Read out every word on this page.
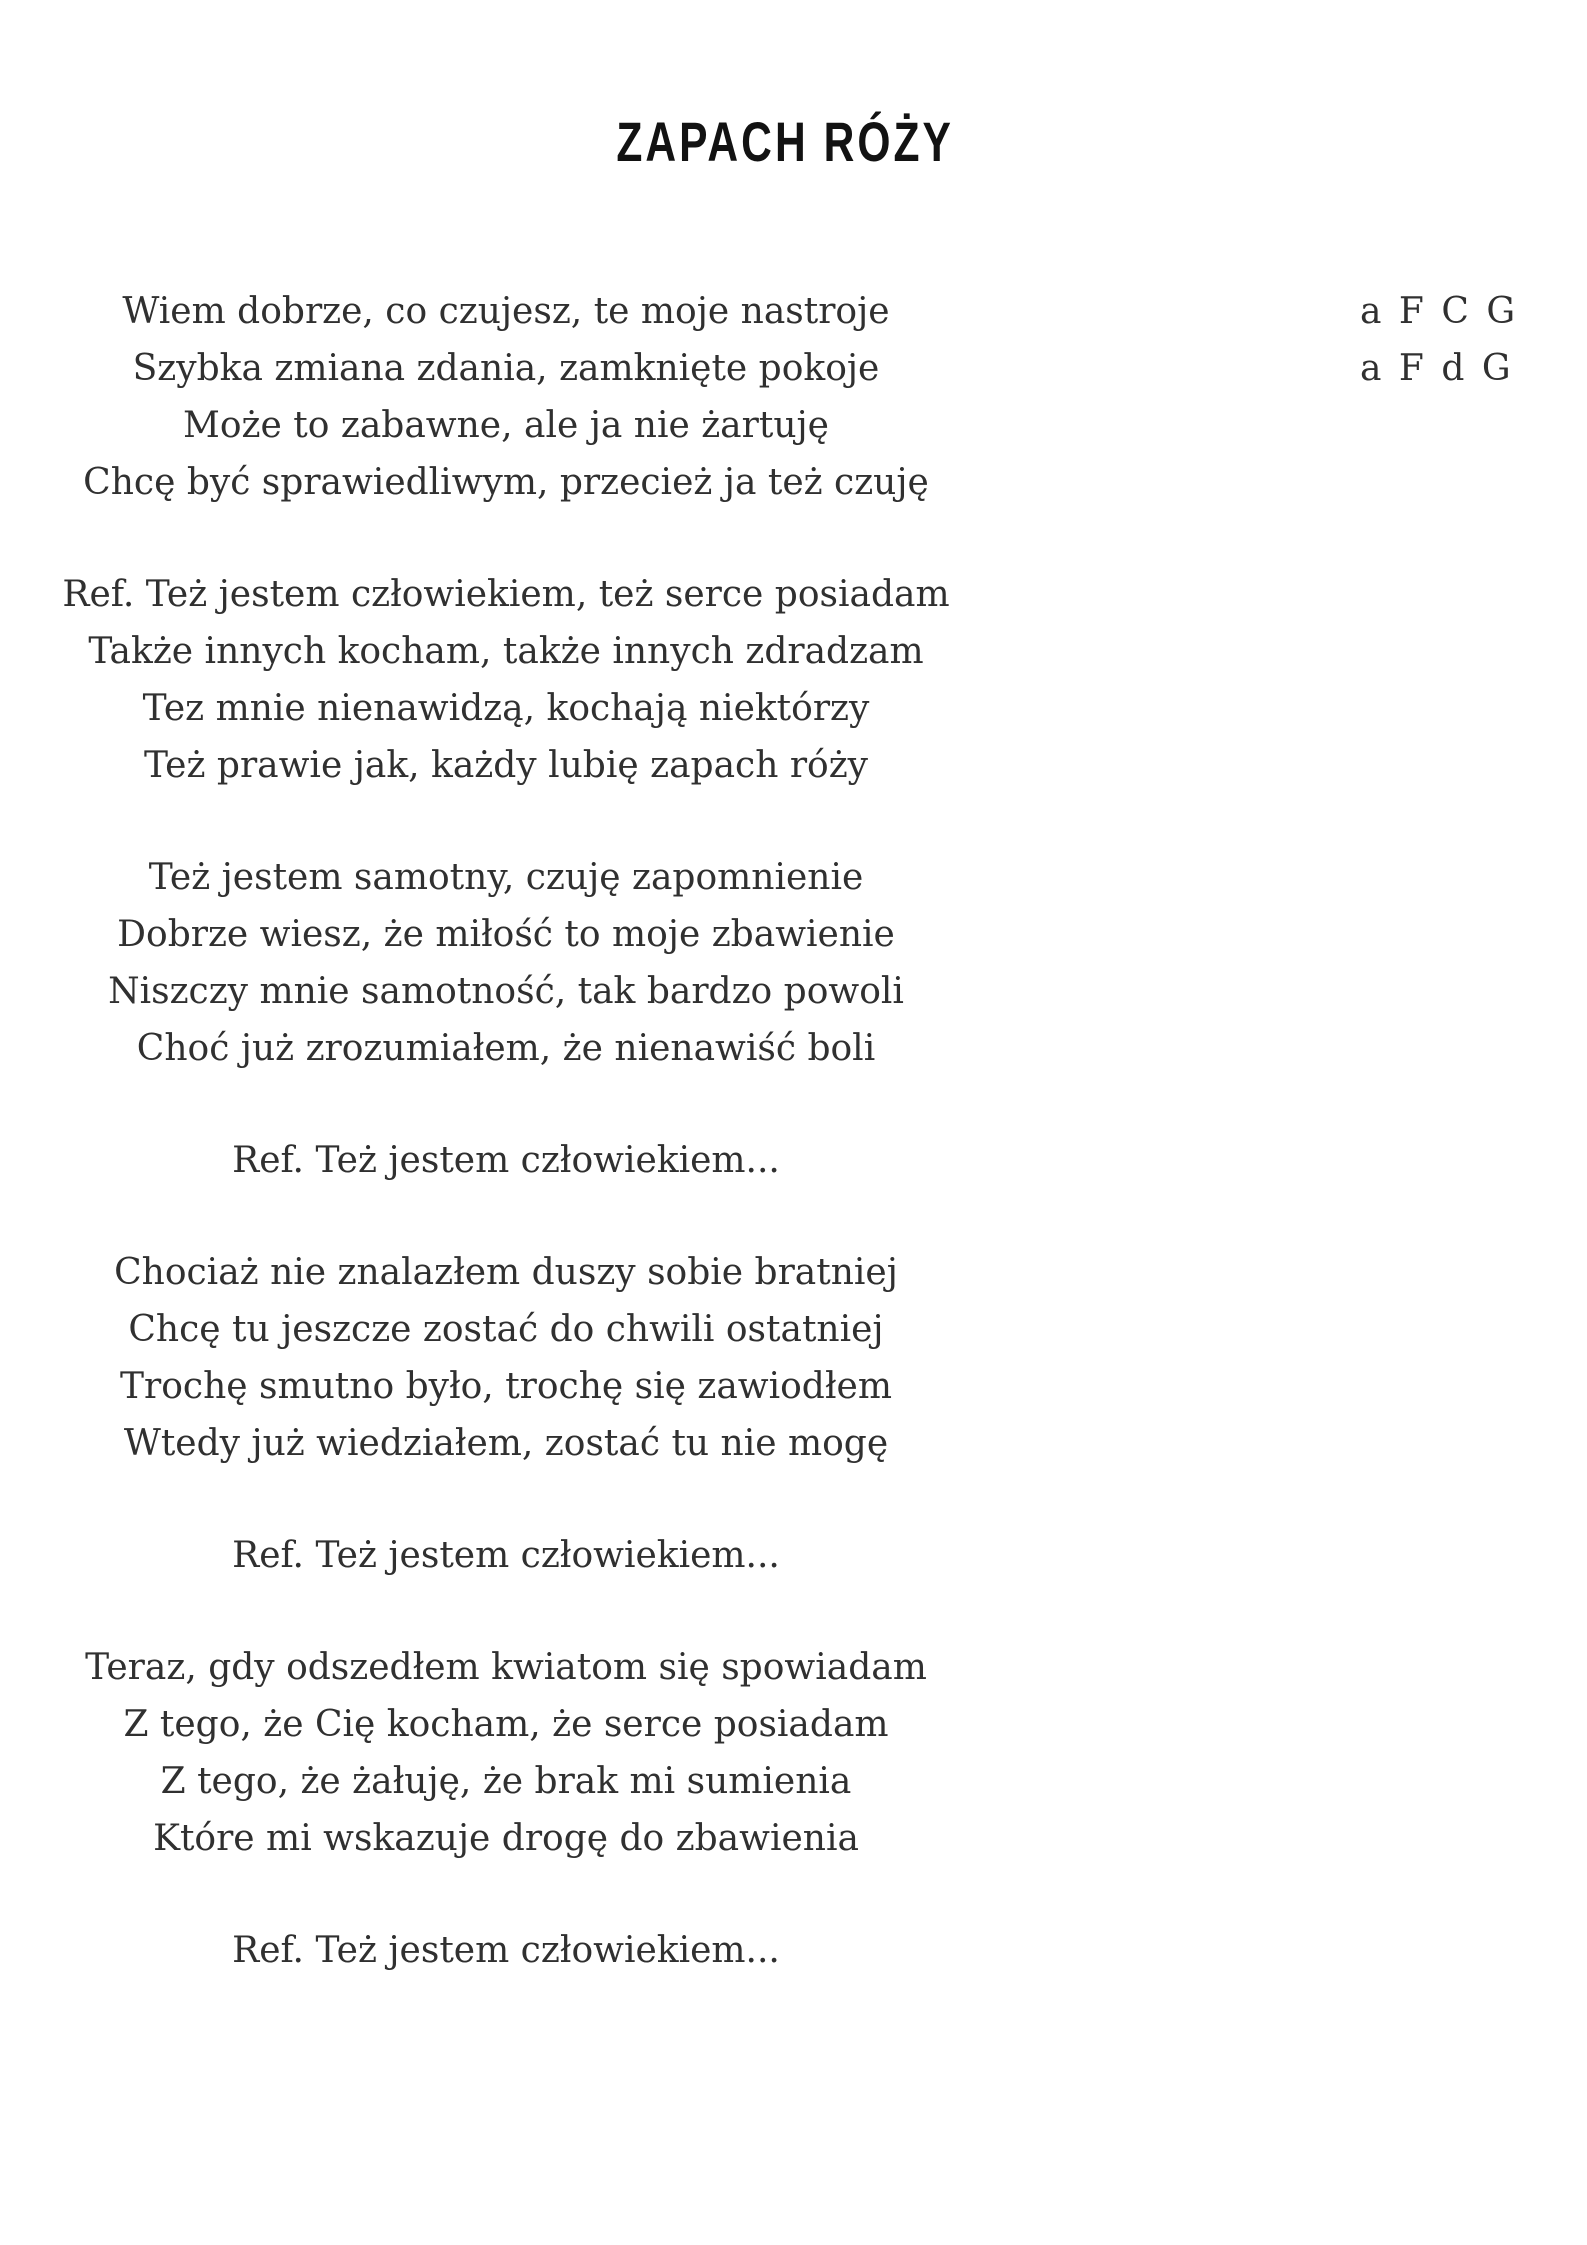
ZAPACH RÓŻY

Wiem dobrze, co czujesz, te moje nastroje

Szybka zmiana zdania, zamknięte pokoje

Może to zabawne, ale ja nie żartuję

Chcę być sprawiedliwym, przecież ja też czuję

Ref. Też jestem człowiekiem, też serce posiadam

Także innych kocham, także innych zdradzam

Tez mnie nienawidzą, kochają niektórzy

Też prawie jak, każdy lubię zapach róży

Też jestem samotny, czuję zapomnienie

Dobrze wiesz, że miłość to moje zbawienie

Niszczy mnie samotność, tak bardzo powoli

Choć już zrozumiałem, że nienawiść boli

Ref. Też jestem człowiekiem...

Chociaż nie znalazłem duszy sobie bratniej

Chcę tu jeszcze zostać do chwili ostatniej

Trochę smutno było, trochę się zawiodłem

Wtedy już wiedziałem, zostać tu nie mogę

Ref. Też jestem człowiekiem...

Teraz, gdy odszedłem kwiatom się spowiadam

Z tego, że Cię kocham, że serce posiadam

Z tego, że żałuję, że brak mi sumienia

Które mi wskazuje drogę do zbawienia

Ref. Też jestem człowiekiem...

a F C G

a F d G
